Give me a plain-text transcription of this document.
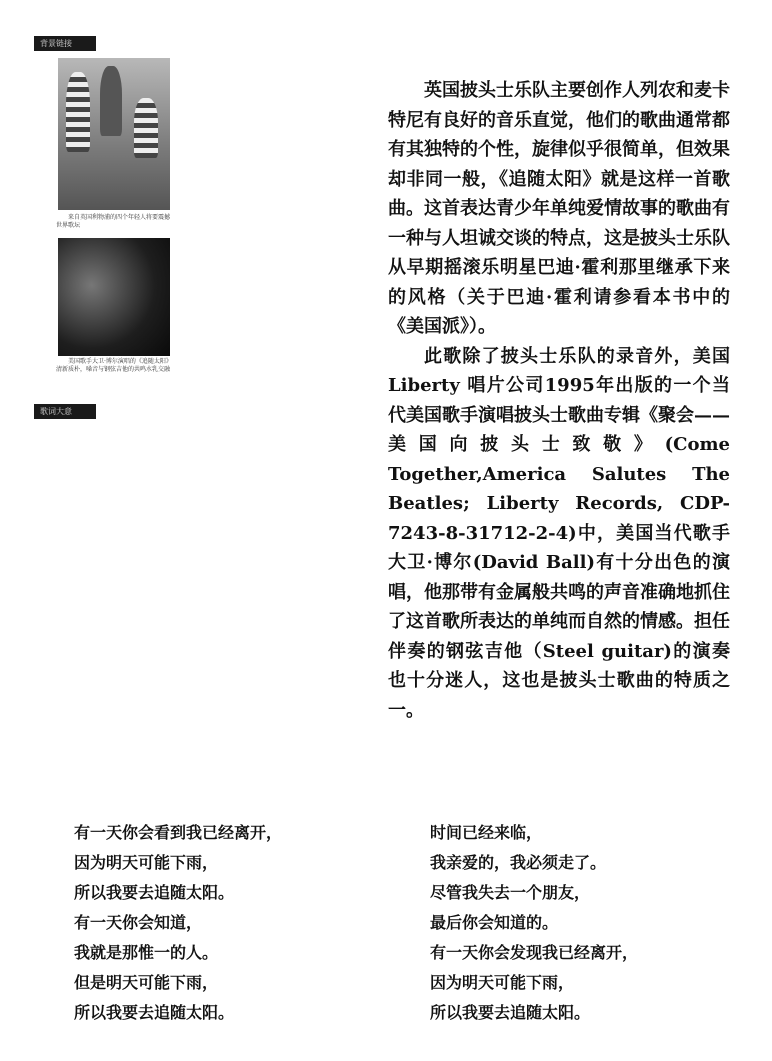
背景链接
来自英国利物浦的四个年轻人将要震撼世界歌坛
美国歌手大卫·博尔演唱的《追随太阳》清新质朴，嗓音与钢弦吉他的共鸣水乳交融
歌词大意

英国披头士乐队主要创作人列农和麦卡特尼有良好的音乐直觉，他们的歌曲通常都有其独特的个性，旋律似乎很简单，但效果却非同一般，《追随太阳》就是这样一首歌曲。这首表达青少年单纯爱情故事的歌曲有一种与人坦诚交谈的特点，这是披头士乐队从早期摇滚乐明星巴迪·霍利那里继承下来的风格（关于巴迪·霍利请参看本书中的《美国派》）。

此歌除了披头士乐队的录音外，美国Liberty 唱片公司1995年出版的一个当代美国歌手演唱披头士歌曲专辑《聚会——美国向披头士致敬》(Come Together,America Salutes The Beatles; Liberty Records, CDP-7243-8-31712-2-4)中，美国当代歌手大卫·博尔(David Ball)有十分出色的演唱，他那带有金属般共鸣的声音准确地抓住了这首歌所表达的单纯而自然的情感。担任伴奏的钢弦吉他（Steel guitar)的演奏也十分迷人，这也是披头士歌曲的特质之一。

有一天你会看到我已经离开，
因为明天可能下雨，
所以我要去追随太阳。
有一天你会知道，
我就是那惟一的人。
但是明天可能下雨，
所以我要去追随太阳。
时间已经来临，
我亲爱的，我必须走了。
尽管我失去一个朋友，
最后你会知道的。
有一天你会发现我已经离开，
因为明天可能下雨，
所以我要去追随太阳。
